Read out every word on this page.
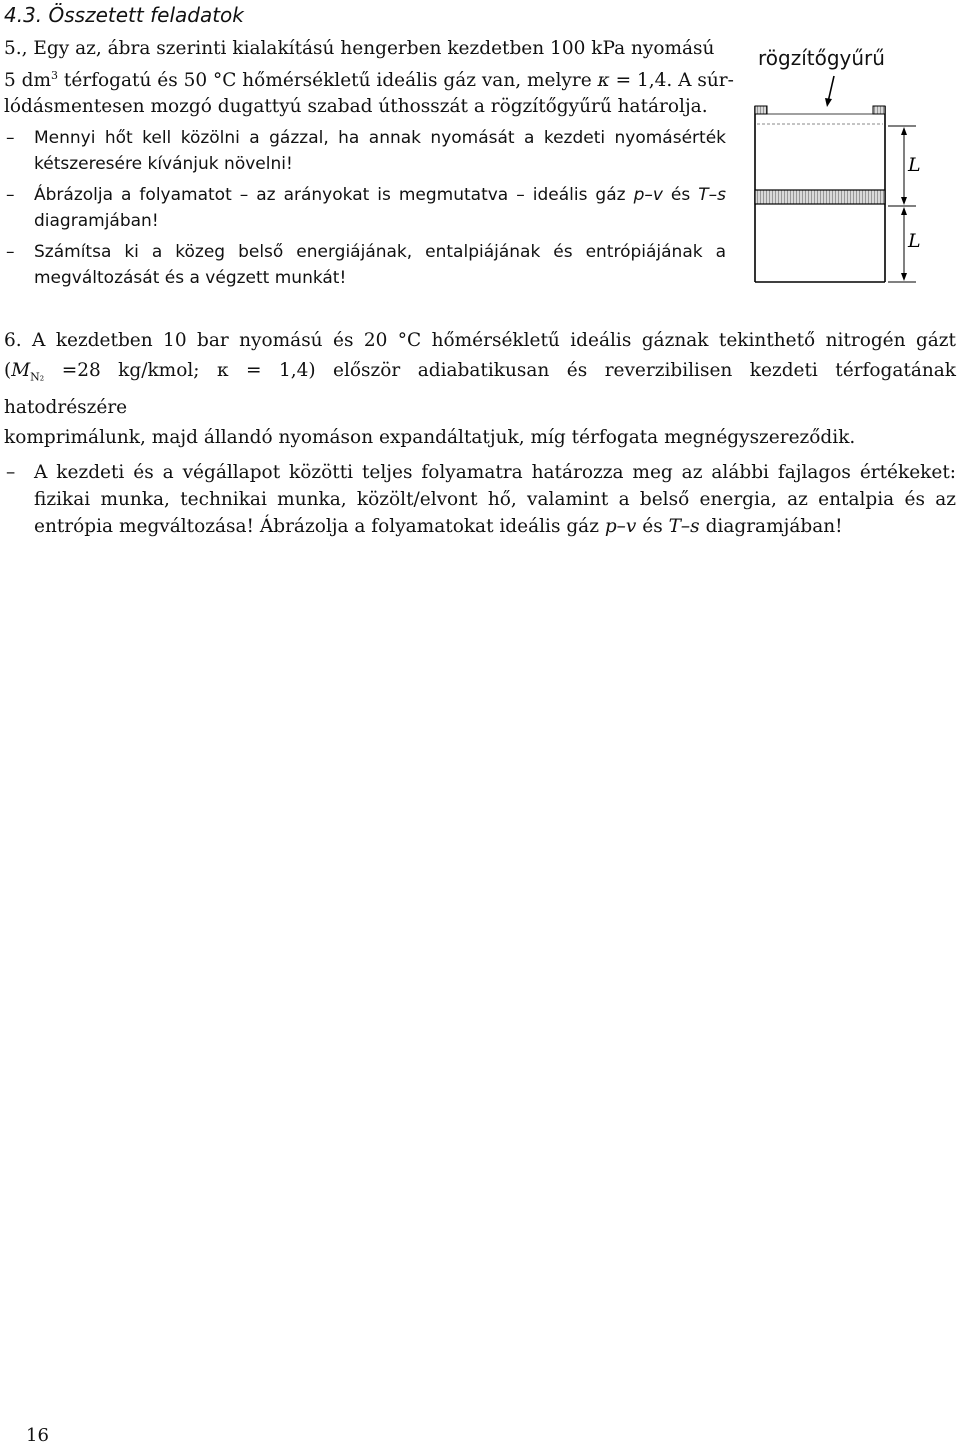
4.3. Összetett feladatok
5., Egy az, ábra szerinti kialakítású hengerben kezdetben 100 kPa nyomású
5 $dm^3$ térfogatú és 50 °C hőmérsékletű ideális gáz van, melyre κ = 1,4. A súr-
lódásmentesen mozgó dugattyú szabad úthosszát a rögzítőgyűrű határolja.
– Mennyi hőt kell közölni a gázzal, ha annak nyomását a kezdeti nyomásérték kétszeresére kívánjuk növelni!
– Ábrázolja a folyamatot – az arányokat is megmutatva – ideális gáz p–v és T–s diagramjában!
– Számítsa ki a közeg belső energiájának, entalpiájának és entrópiájának a megváltozását és a végzett munkát!
L
L
rögzítőgyűrű
6. A kezdetben 10 bar nyomású és 20 °C hőmérsékletű ideális gáznak tekinthető nitrogén gázt
($M_{N_2} =28$ kg/kmol; κ = 1,4) először adiabatikusan és reverzibilisen kezdeti térfogatának hatodrészére
komprimálunk, majd állandó nyomáson expandáltatjuk, míg térfogata megnégyszereződik.
– A kezdeti és a végállapot közötti teljes folyamatra határozza meg az alábbi fajlagos értékeket: fizikai munka, technikai munka, közölt/elvont hő, valamint a belső energia, az entalpia és az entrópia megváltozása! Ábrázolja a folyamatokat ideális gáz p–v és T–s diagramjában!
16
